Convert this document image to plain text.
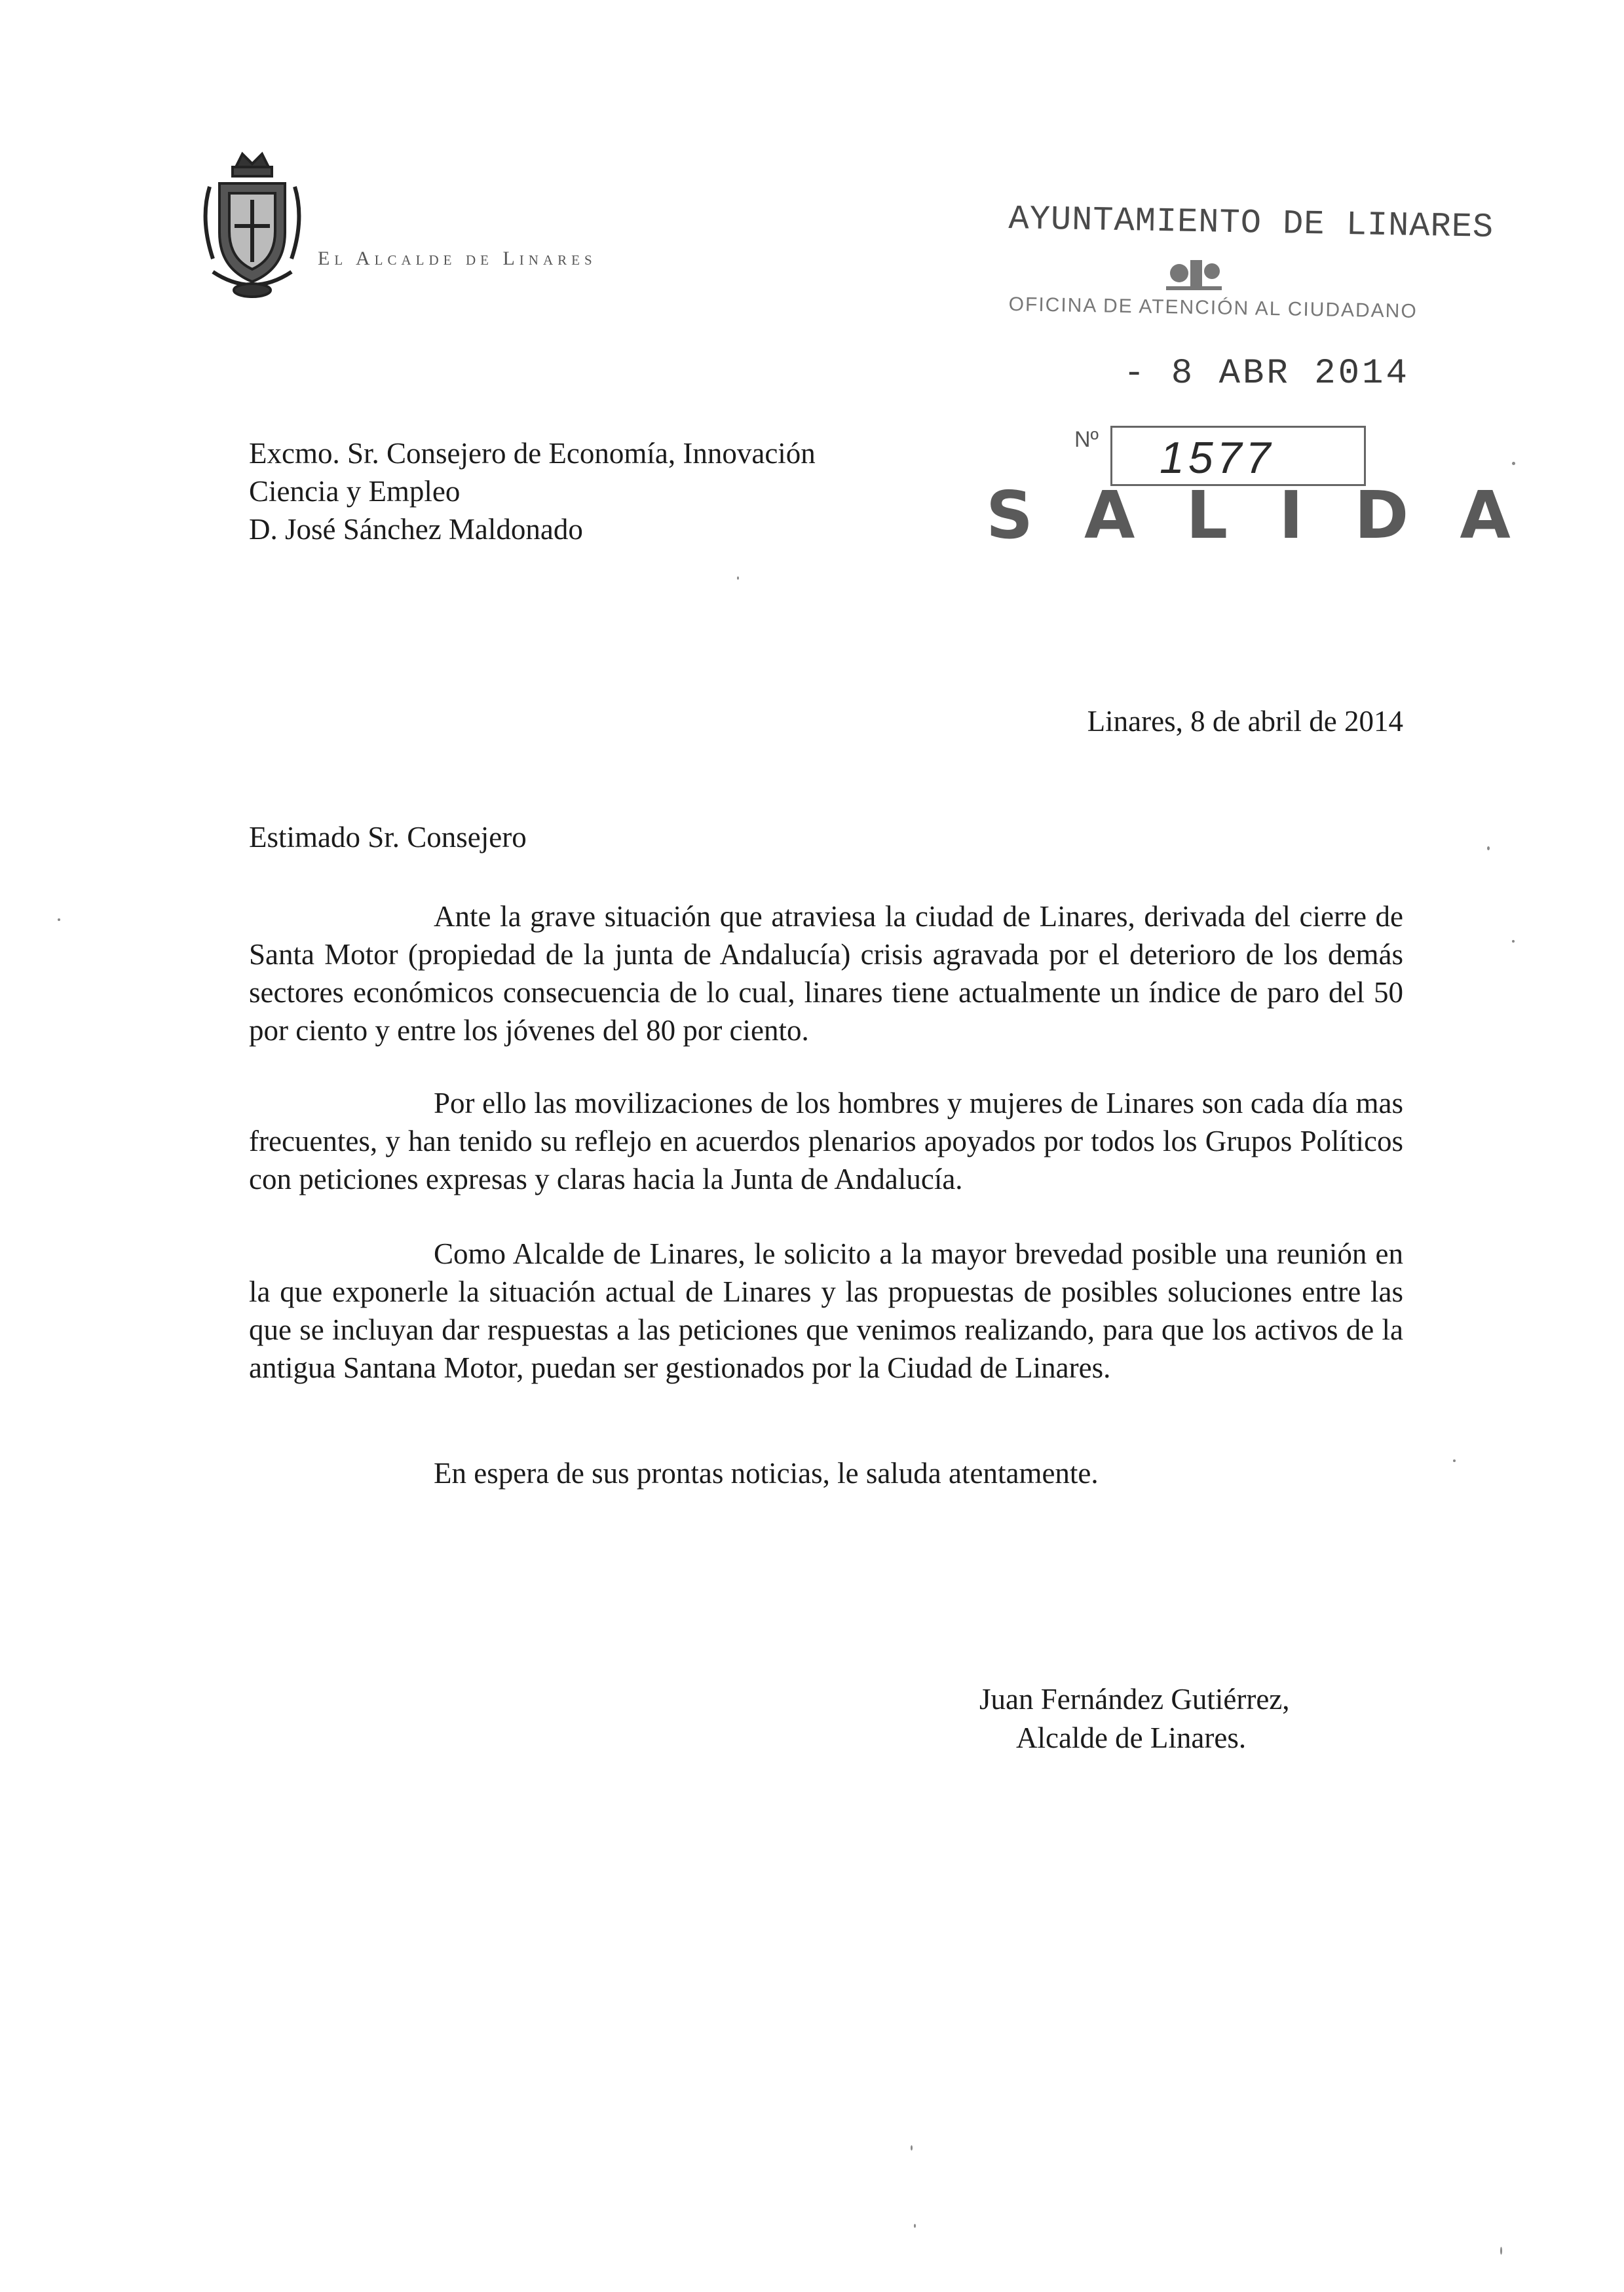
El Alcalde de Linares
AYUNTAMIENTO DE LINARES
OFICINA DE ATENCIÓN AL CIUDADANO
- 8 ABR 2014
Nº 1577
SALIDA
Excmo. Sr. Consejero de Economía, Innovación
Ciencia y Empleo
D. José Sánchez Maldonado
Linares, 8 de abril de 2014
Estimado Sr. Consejero
Ante la grave situación que atraviesa la ciudad de Linares, derivada del cierre de Santa Motor (propiedad de la junta de Andalucía) crisis agravada por el deterioro de los demás sectores económicos consecuencia de lo cual, linares tiene actualmente un índice de paro del 50 por ciento y entre los jóvenes del 80 por ciento.
Por ello las movilizaciones de los hombres y mujeres de Linares son cada día mas frecuentes, y han tenido su reflejo en acuerdos plenarios apoyados por todos los Grupos Políticos con peticiones expresas y claras hacia la Junta de Andalucía.
Como Alcalde de Linares, le solicito a la mayor brevedad posible una reunión en la que exponerle la situación actual de Linares y las propuestas de posibles soluciones entre las que se incluyan dar respuestas a las peticiones que venimos realizando, para que los activos de la antigua Santana Motor, puedan ser gestionados por la Ciudad de Linares.
En espera de sus prontas noticias, le saluda atentamente.
Juan Fernández Gutiérrez,
Alcalde de Linares.
